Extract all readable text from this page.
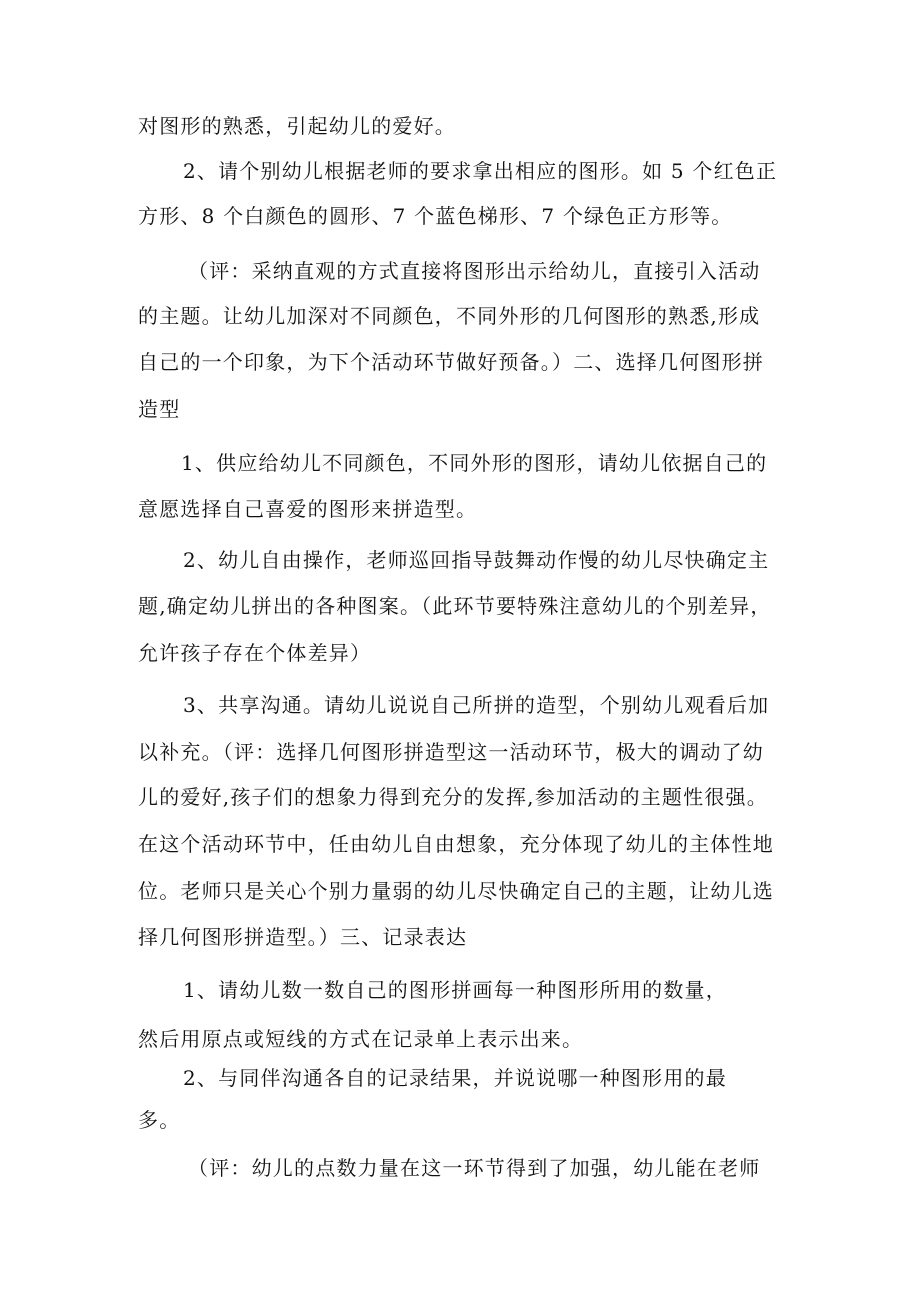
对图形的熟悉，引起幼儿的爱好。
2、请个别幼儿根据老师的要求拿出相应的图形。如 5 个红色正
方形、8 个白颜色的圆形、7 个蓝色梯形、7 个绿色正方形等。
（评：采纳直观的方式直接将图形出示给幼儿，直接引入活动
的主题。让幼儿加深对不同颜色，不同外形的几何图形的熟悉,形成
自己的一个印象，为下个活动环节做好预备。）二、选择几何图形拼
造型
1、供应给幼儿不同颜色，不同外形的图形，请幼儿依据自己的
意愿选择自己喜爱的图形来拼造型。
2、幼儿自由操作，老师巡回指导鼓舞动作慢的幼儿尽快确定主
题,确定幼儿拼出的各种图案。（此环节要特殊注意幼儿的个别差异，
允许孩子存在个体差异）
3、共享沟通。请幼儿说说自己所拼的造型，个别幼儿观看后加
以补充。（评：选择几何图形拼造型这一活动环节，极大的调动了幼
儿的爱好,孩子们的想象力得到充分的发挥,参加活动的主题性很强。
在这个活动环节中，任由幼儿自由想象，充分体现了幼儿的主体性地
位。老师只是关心个别力量弱的幼儿尽快确定自己的主题，让幼儿选
择几何图形拼造型。）三、记录表达
1、请幼儿数一数自己的图形拼画每一种图形所用的数量，
然后用原点或短线的方式在记录单上表示出来。
2、与同伴沟通各自的记录结果，并说说哪一种图形用的最
多。
（评：幼儿的点数力量在这一环节得到了加强，幼儿能在老师
